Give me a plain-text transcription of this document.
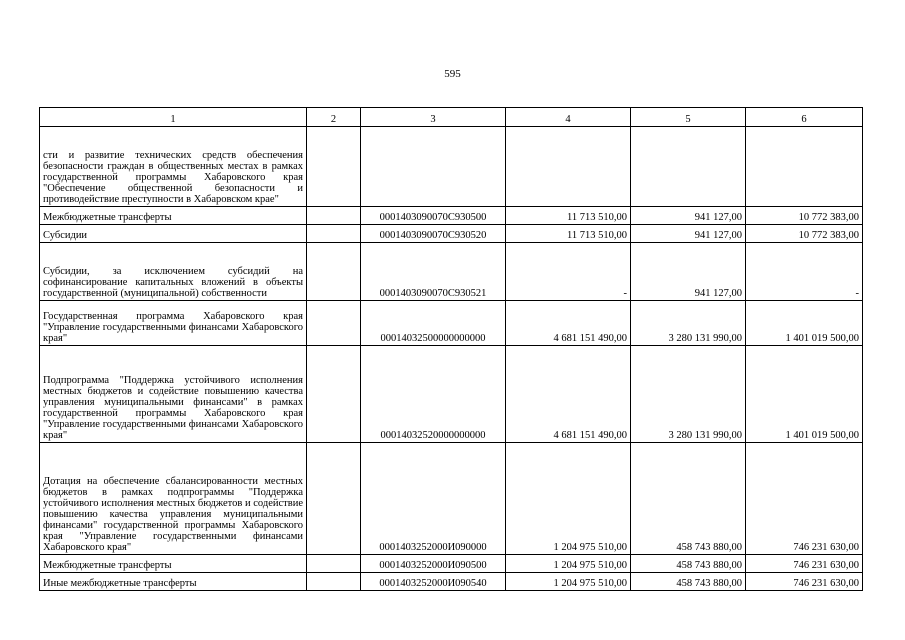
595
1	2	3	4	5	6
сти и развитие технических средств обеспечения безопасности граждан в общественных местах в рамках государственной программы Хабаровского края "Обеспечение общественной безопасности и противодействие преступности в Хабаровском крае"					
Межбюджетные трансферты		0001403090070С930500	11 713 510,00	941 127,00	10 772 383,00
Субсидии		0001403090070С930520	11 713 510,00	941 127,00	10 772 383,00
Субсидии, за исключением субсидий на софинансирование капитальных вложений в объекты государственной (муниципальной) собственности		0001403090070С930521	-	941 127,00	-
Государственная программа Хабаровского края "Управление государственными финансами Хабаровского края"		00014032500000000000	4 681 151 490,00	3 280 131 990,00	1 401 019 500,00
Подпрограмма "Поддержка устойчивого исполнения местных бюджетов и содействие повышению качества управления муниципальными финансами" в рамках государственной программы Хабаровского края "Управление государственными финансами Хабаровского края"		00014032520000000000	4 681 151 490,00	3 280 131 990,00	1 401 019 500,00
Дотация на обеспечение сбалансированности местных бюджетов в рамках подпрограммы "Поддержка устойчивого исполнения местных бюджетов и содействие повышению качества управления муниципальными финансами" государственной программы Хабаровского края "Управление государственными финансами Хабаровского края"		0001403252000И090000	1 204 975 510,00	458 743 880,00	746 231 630,00
Межбюджетные трансферты		0001403252000И090500	1 204 975 510,00	458 743 880,00	746 231 630,00
Иные межбюджетные трансферты		0001403252000И090540	1 204 975 510,00	458 743 880,00	746 231 630,00
